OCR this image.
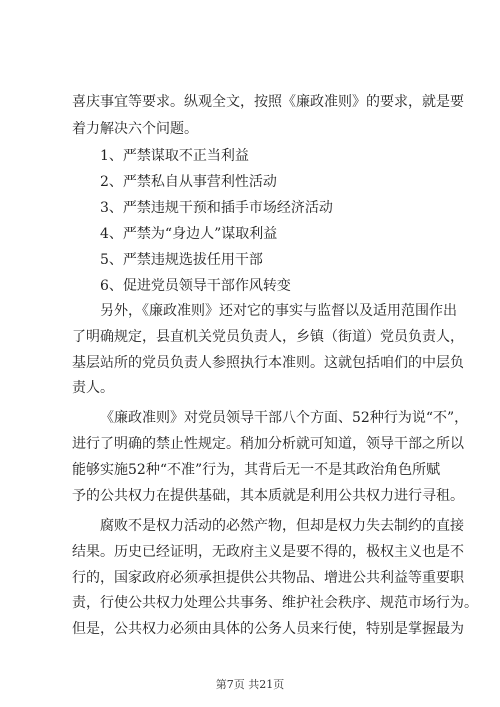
喜庆事宜等要求。纵观全文，按照《廉政准则》的要求，就是要
着力解决六个问题。
1、严禁谋取不正当利益
2、严禁私自从事营利性活动
3、严禁违规干预和插手市场经济活动
4、严禁为“身边人”谋取利益
5、严禁违规选拔任用干部
6、促进党员领导干部作风转变
另外，《廉政准则》还对它的事实与监督以及适用范围作出
了明确规定，县直机关党员负责人，乡镇（街道）党员负责人，
基层站所的党员负责人参照执行本准则。这就包括咱们的中层负
责人。
《廉政准则》对党员领导干部八个方面、52种行为说“不”，
进行了明确的禁止性规定。稍加分析就可知道，领导干部之所以
能够实施52种“不准”行为，其背后无一不是其政治角色所赋
予的公共权力在提供基础，其本质就是利用公共权力进行寻租。
腐败不是权力活动的必然产物，但却是权力失去制约的直接
结果。历史已经证明，无政府主义是要不得的，极权主义也是不
行的，国家政府必须承担提供公共物品、增进公共利益等重要职
责，行使公共权力处理公共事务、维护社会秩序、规范市场行为。
但是，公共权力必须由具体的公务人员来行使，特别是掌握最为
第7页 共21页
